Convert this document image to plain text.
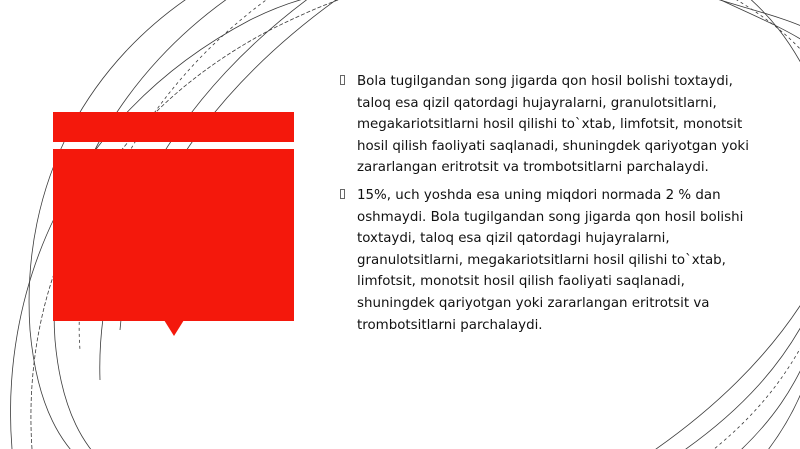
Bola tugilgandan song jigarda qon hosil bolishi toxtaydi, taloq esa qizil qatordagi hujayralarni, granulotsitlarni, megakariotsitlarni hosil qilishi to`xtab, limfotsit, monotsit hosil qilish faoliyati saqlanadi, shuningdek qariyotgan yoki zararlangan eritrotsit va trombotsitlarni parchalaydi.
15%, uch yoshda esa uning miqdori normada 2 % dan oshmaydi. Bola tugilgandan song jigarda qon hosil bolishi toxtaydi, taloq esa qizil qatordagi hujayralarni, granulotsitlarni, megakariotsitlarni hosil qilishi to`xtab, limfotsit, monotsit hosil qilish faoliyati saqlanadi, shuningdek qariyotgan yoki zararlangan eritrotsit va trombotsitlarni parchalaydi.
